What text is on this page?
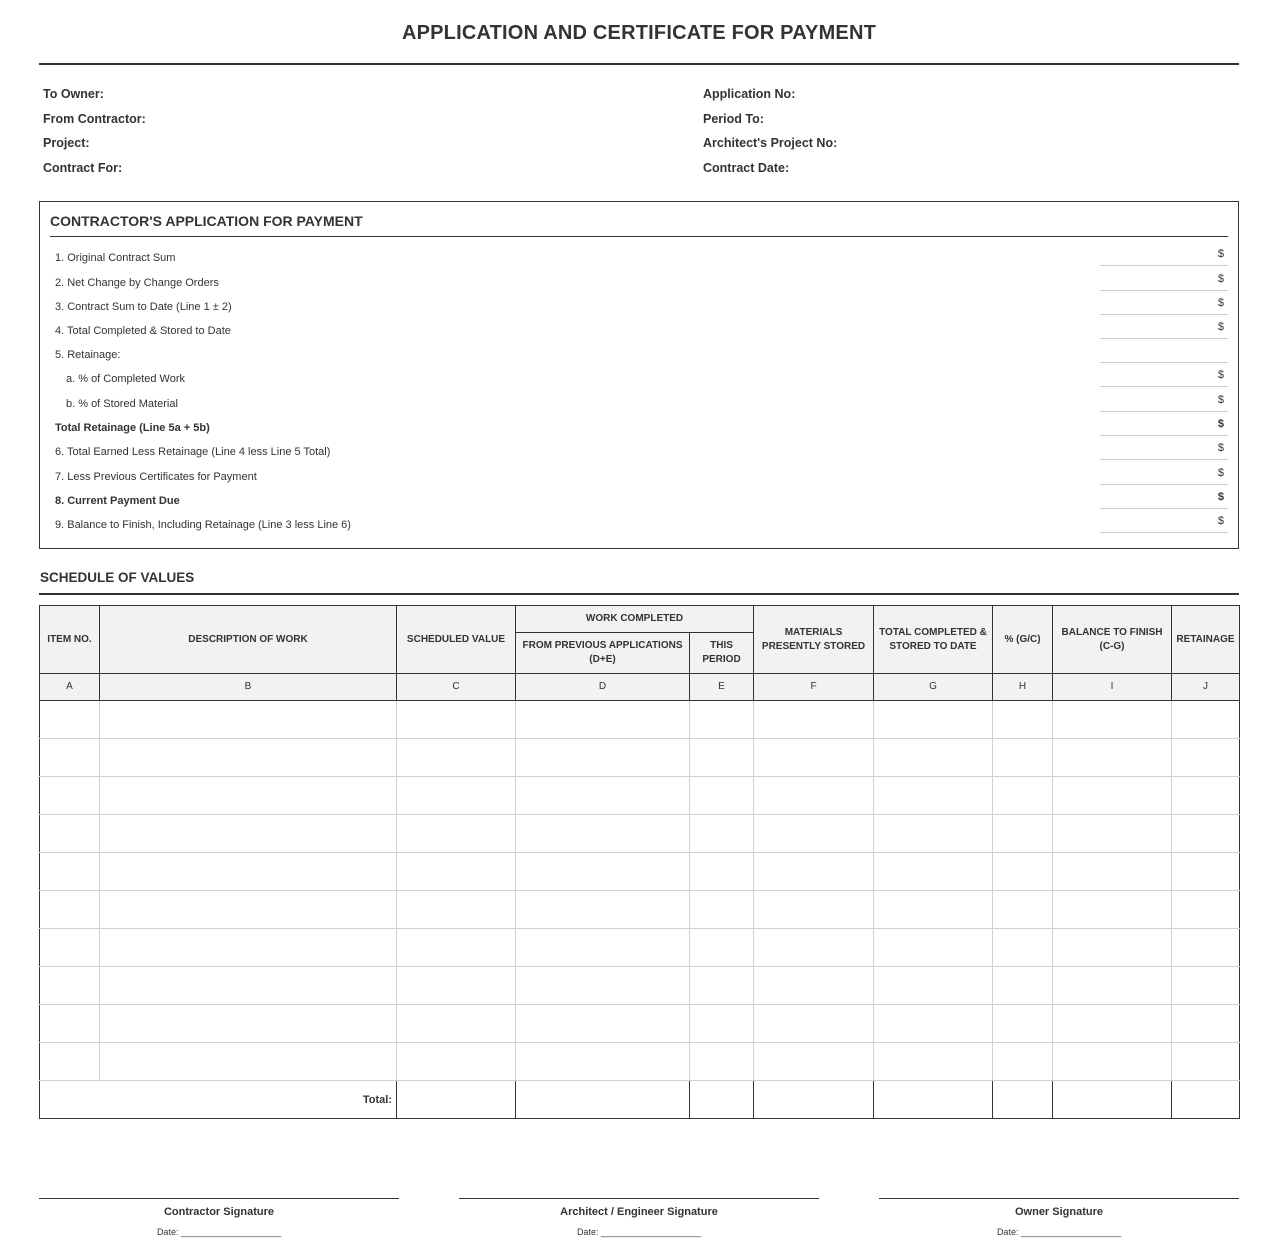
APPLICATION AND CERTIFICATE FOR PAYMENT
To Owner:
From Contractor:
Project:
Contract For:
Application No:
Period To:
Architect's Project No:
Contract Date:
CONTRACTOR'S APPLICATION FOR PAYMENT
1. Original Contract Sum	$
2. Net Change by Change Orders	$
3. Contract Sum to Date (Line 1 ± 2)	$
4. Total Completed & Stored to Date	$
5. Retainage:
a. % of Completed Work	$
b. % of Stored Material	$
Total Retainage (Line 5a + 5b)	$
6. Total Earned Less Retainage (Line 4 less Line 5 Total)	$
7. Less Previous Certificates for Payment	$
8. Current Payment Due	$
9. Balance to Finish, Including Retainage (Line 3 less Line 6)	$
SCHEDULE OF VALUES
ITEM NO.	DESCRIPTION OF WORK	SCHEDULED VALUE	WORK COMPLETED		MATERIALS PRESENTLY STORED	TOTAL COMPLETED & STORED TO DATE	% (G/C)	BALANCE TO FINISH (C-G)	RETAINAGE
			FROM PREVIOUS APPLICATIONS (D+E)	THIS PERIOD					
A	B	C	D	E	F	G	H	I	J

Total:									
Contractor Signature
Date: ____________________
Architect / Engineer Signature
Date: ____________________
Owner Signature
Date: ____________________
